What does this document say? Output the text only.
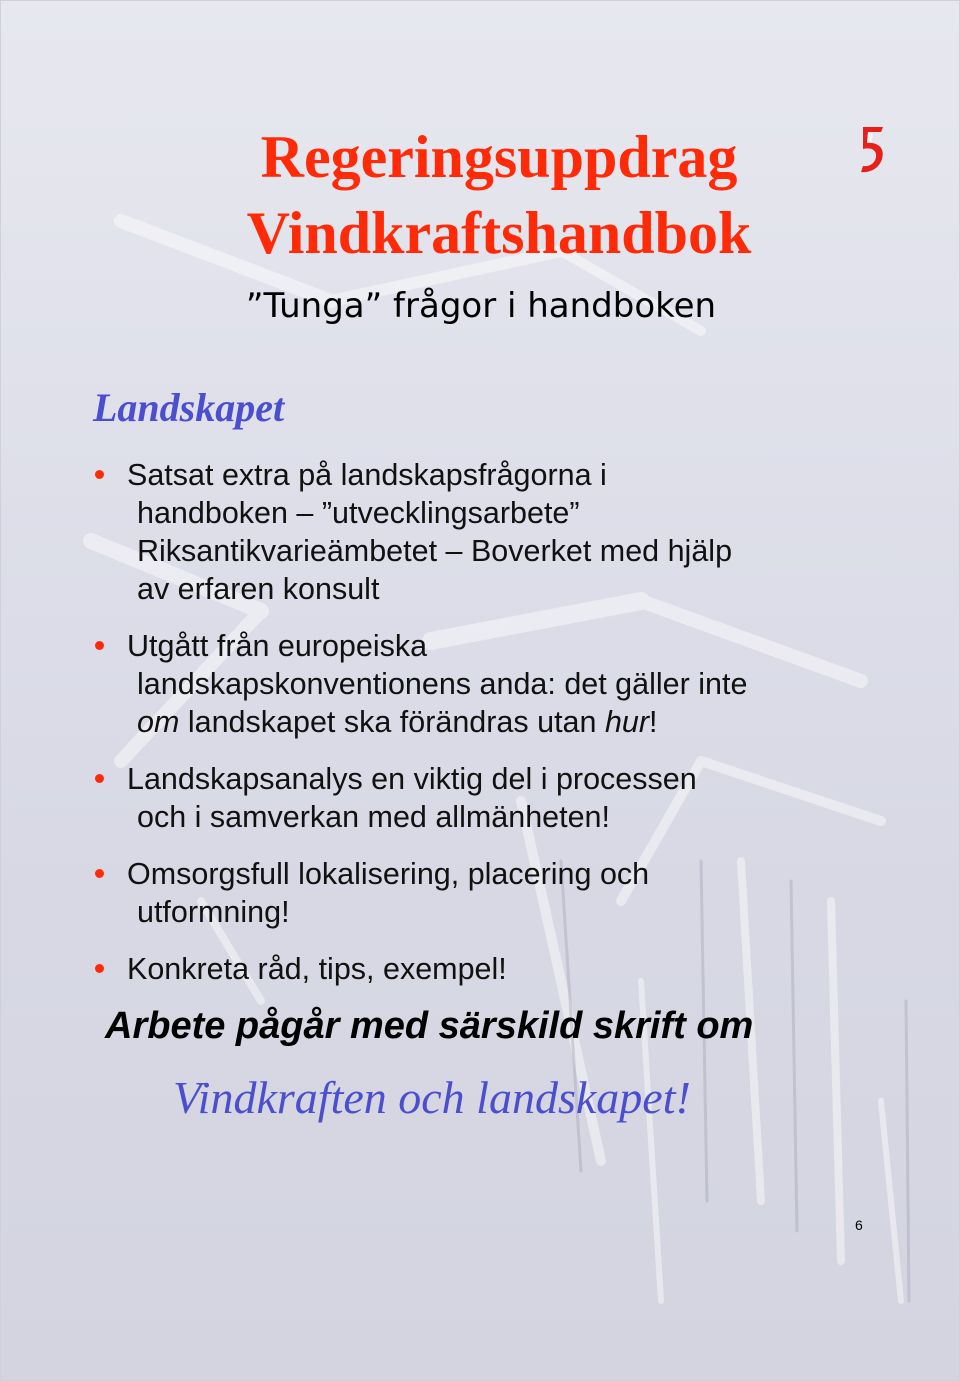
Regeringsuppdrag
Vindkraftshandbok
”Tunga” frågor i handboken
Landskapet
Satsat extra på landskapsfrågorna i
handboken – ”utvecklingsarbete”
Riksantikvarieämbetet – Boverket med hjälp
av erfaren konsult
Utgått från europeiska
landskapskonventionens anda: det gäller inte
om landskapet ska förändras utan hur!
Landskapsanalys en viktig del i processen
och i samverkan med allmänheten!
Omsorgsfull lokalisering, placering och
utformning!
Konkreta råd, tips, exempel!
Arbete pågår med särskild skrift om
Vindkraften och landskapet!
6
